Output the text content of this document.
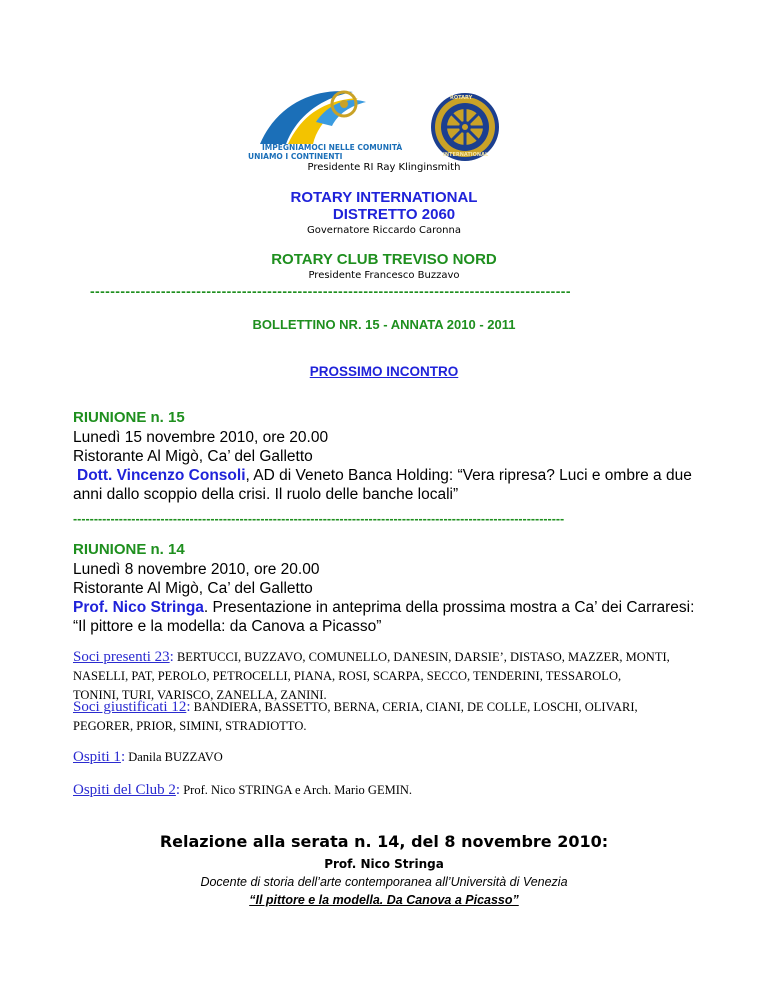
IMPEGNIAMOCI NELLE COMUNITÀ
UNIAMO I CONTINENTI
ROTARY
INTERNATIONAL
Presidente RI Ray Klinginsmith
ROTARY INTERNATIONAL
DISTRETTO 2060
Governatore Riccardo Caronna
ROTARY CLUB TREVISO NORD
Presidente Francesco Buzzavo
-----------------------------------------------------------------------------------------------
BOLLETTINO NR. 15 - ANNATA 2010 - 2011
PROSSIMO INCONTRO
RIUNIONE n. 15
Lunedì 15 novembre 2010, ore 20.00
Ristorante Al Migò, Ca’ del Galletto
Dott. Vincenzo Consoli, AD di Veneto Banca Holding: “Vera ripresa? Luci e ombre a due
anni dallo scoppio della crisi. Il ruolo delle banche locali”
----------------------------------------------------------------------------------------------------------------------
RIUNIONE n. 14
Lunedì 8 novembre 2010, ore 20.00
Ristorante Al Migò, Ca’ del Galletto
Prof. Nico Stringa. Presentazione in anteprima della prossima mostra a Ca’ dei Carraresi:
“Il pittore e la modella: da Canova a Picasso”
Soci presenti 23: BERTUCCI, BUZZAVO, COMUNELLO, DANESIN, DARSIE’, DISTASO, MAZZER, MONTI,
NASELLI, PAT, PEROLO, PETROCELLI, PIANA, ROSI, SCARPA, SECCO, TENDERINI, TESSAROLO,
TONINI, TURI, VARISCO, ZANELLA, ZANINI.
Soci giustificati 12: BANDIERA, BASSETTO, BERNA, CERIA, CIANI, DE COLLE, LOSCHI, OLIVARI,
PEGORER, PRIOR, SIMINI, STRADIOTTO.
Ospiti 1: Danila BUZZAVO
Ospiti del Club 2: Prof. Nico STRINGA e Arch. Mario GEMIN.
Relazione alla serata n. 14, del 8 novembre 2010:
Prof. Nico Stringa
Docente di storia dell’arte contemporanea all’Università di Venezia
“Il pittore e la modella. Da Canova a Picasso”
